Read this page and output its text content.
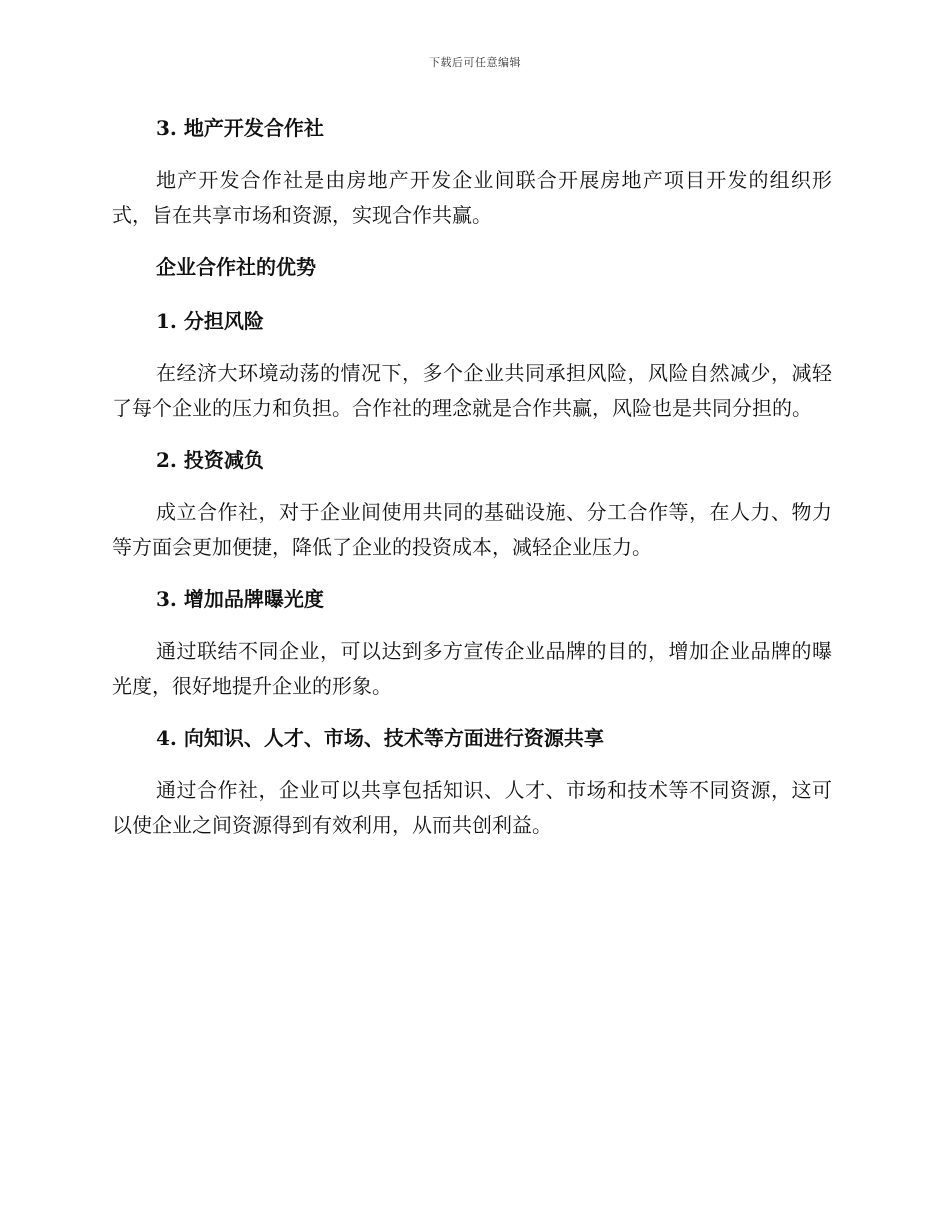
下载后可任意编辑
3. 地产开发合作社

地产开发合作社是由房地产开发企业间联合开展房地产项目开发的组织形式，旨在共享市场和资源，实现合作共赢。

企业合作社的优势
1. 分担风险

在经济大环境动荡的情况下，多个企业共同承担风险，风险自然减少，减轻了每个企业的压力和负担。合作社的理念就是合作共赢，风险也是共同分担的。

2. 投资减负

成立合作社，对于企业间使用共同的基础设施、分工合作等，在人力、物力等方面会更加便捷，降低了企业的投资成本，减轻企业压力。

3. 增加品牌曝光度

通过联结不同企业，可以达到多方宣传企业品牌的目的，增加企业品牌的曝光度，很好地提升企业的形象。

4. 向知识、人才、市场、技术等方面进行资源共享

通过合作社，企业可以共享包括知识、人才、市场和技术等不同资源，这可以使企业之间资源得到有效利用，从而共创利益。
